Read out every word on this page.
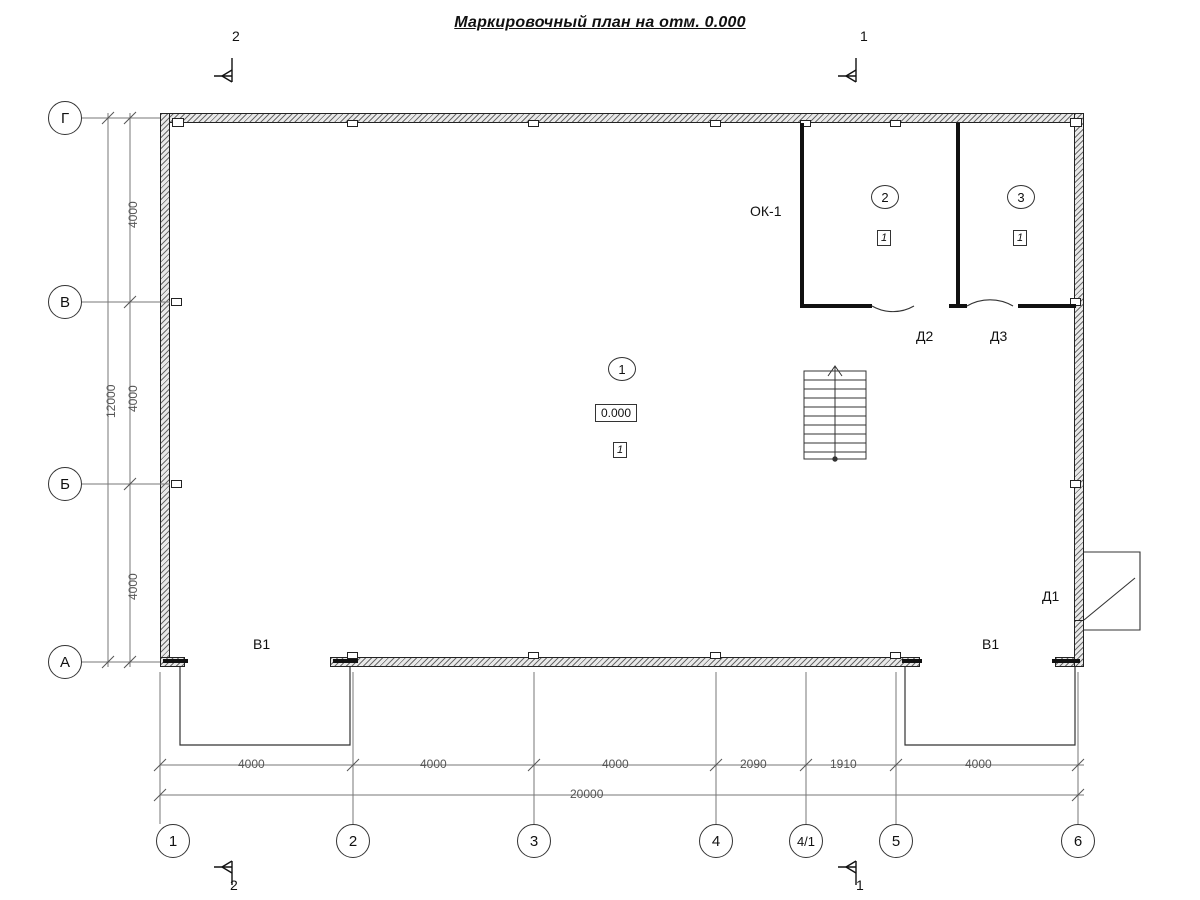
Маркировочный план на отм. 0.000
2	1
2	1
Г
В
Б
А
1	2	3	4	4/1	5	6
4000
4000
4000
12000
4000	4000	4000	2090	1910	4000
20000
1
0.000
1
2
1
3
1
ОК-1
Д1
Д2	Д3
В1	В1
